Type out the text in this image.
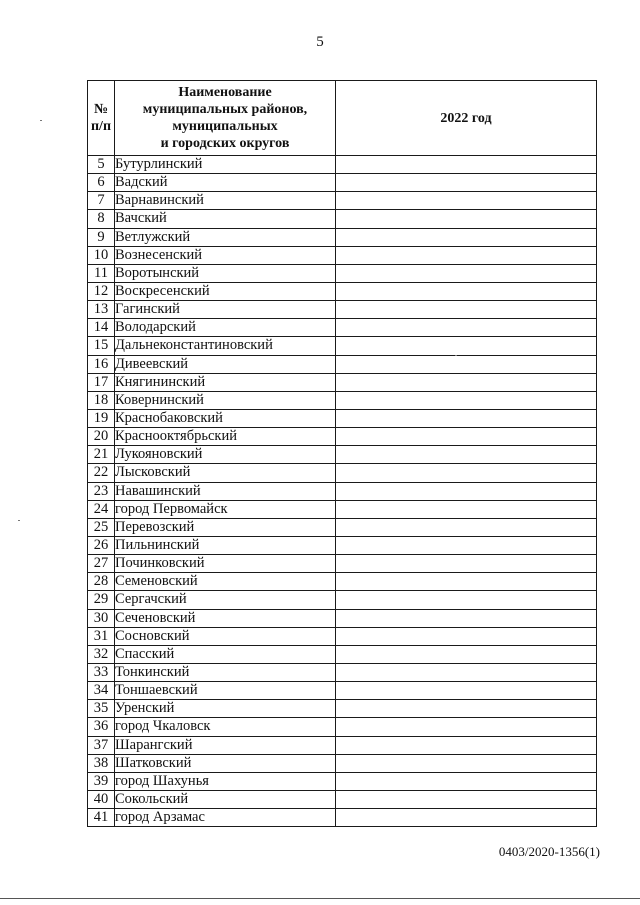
5
№ п/п	Наименование
муниципальных районов,
муниципальных
и городских округов	2022 год
5	Бутурлинский	
6	Вадский	
7	Варнавинский	
8	Вачский	
9	Ветлужский	
10	Вознесенский	
11	Воротынский	
12	Воскресенский	
13	Гагинский	
14	Володарский	
15	Дальнеконстантиновский	
16	Дивеевский	
17	Княгининский	
18	Ковернинский	
19	Краснобаковский	
20	Краснооктябрьский	
21	Лукояновский	
22	Лысковский	
23	Навашинский	
24	город Первомайск	
25	Перевозский	
26	Пильнинский	
27	Починковский	
28	Семеновский	
29	Сергачский	
30	Сеченовский	
31	Сосновский	
32	Спасский	
33	Тонкинский	
34	Тоншаевский	
35	Уренский	
36	город Чкаловск	
37	Шарангский	
38	Шатковский	
39	город Шахунья	
40	Сокольский	
41	город Арзамас	
0403/2020-1356(1)
